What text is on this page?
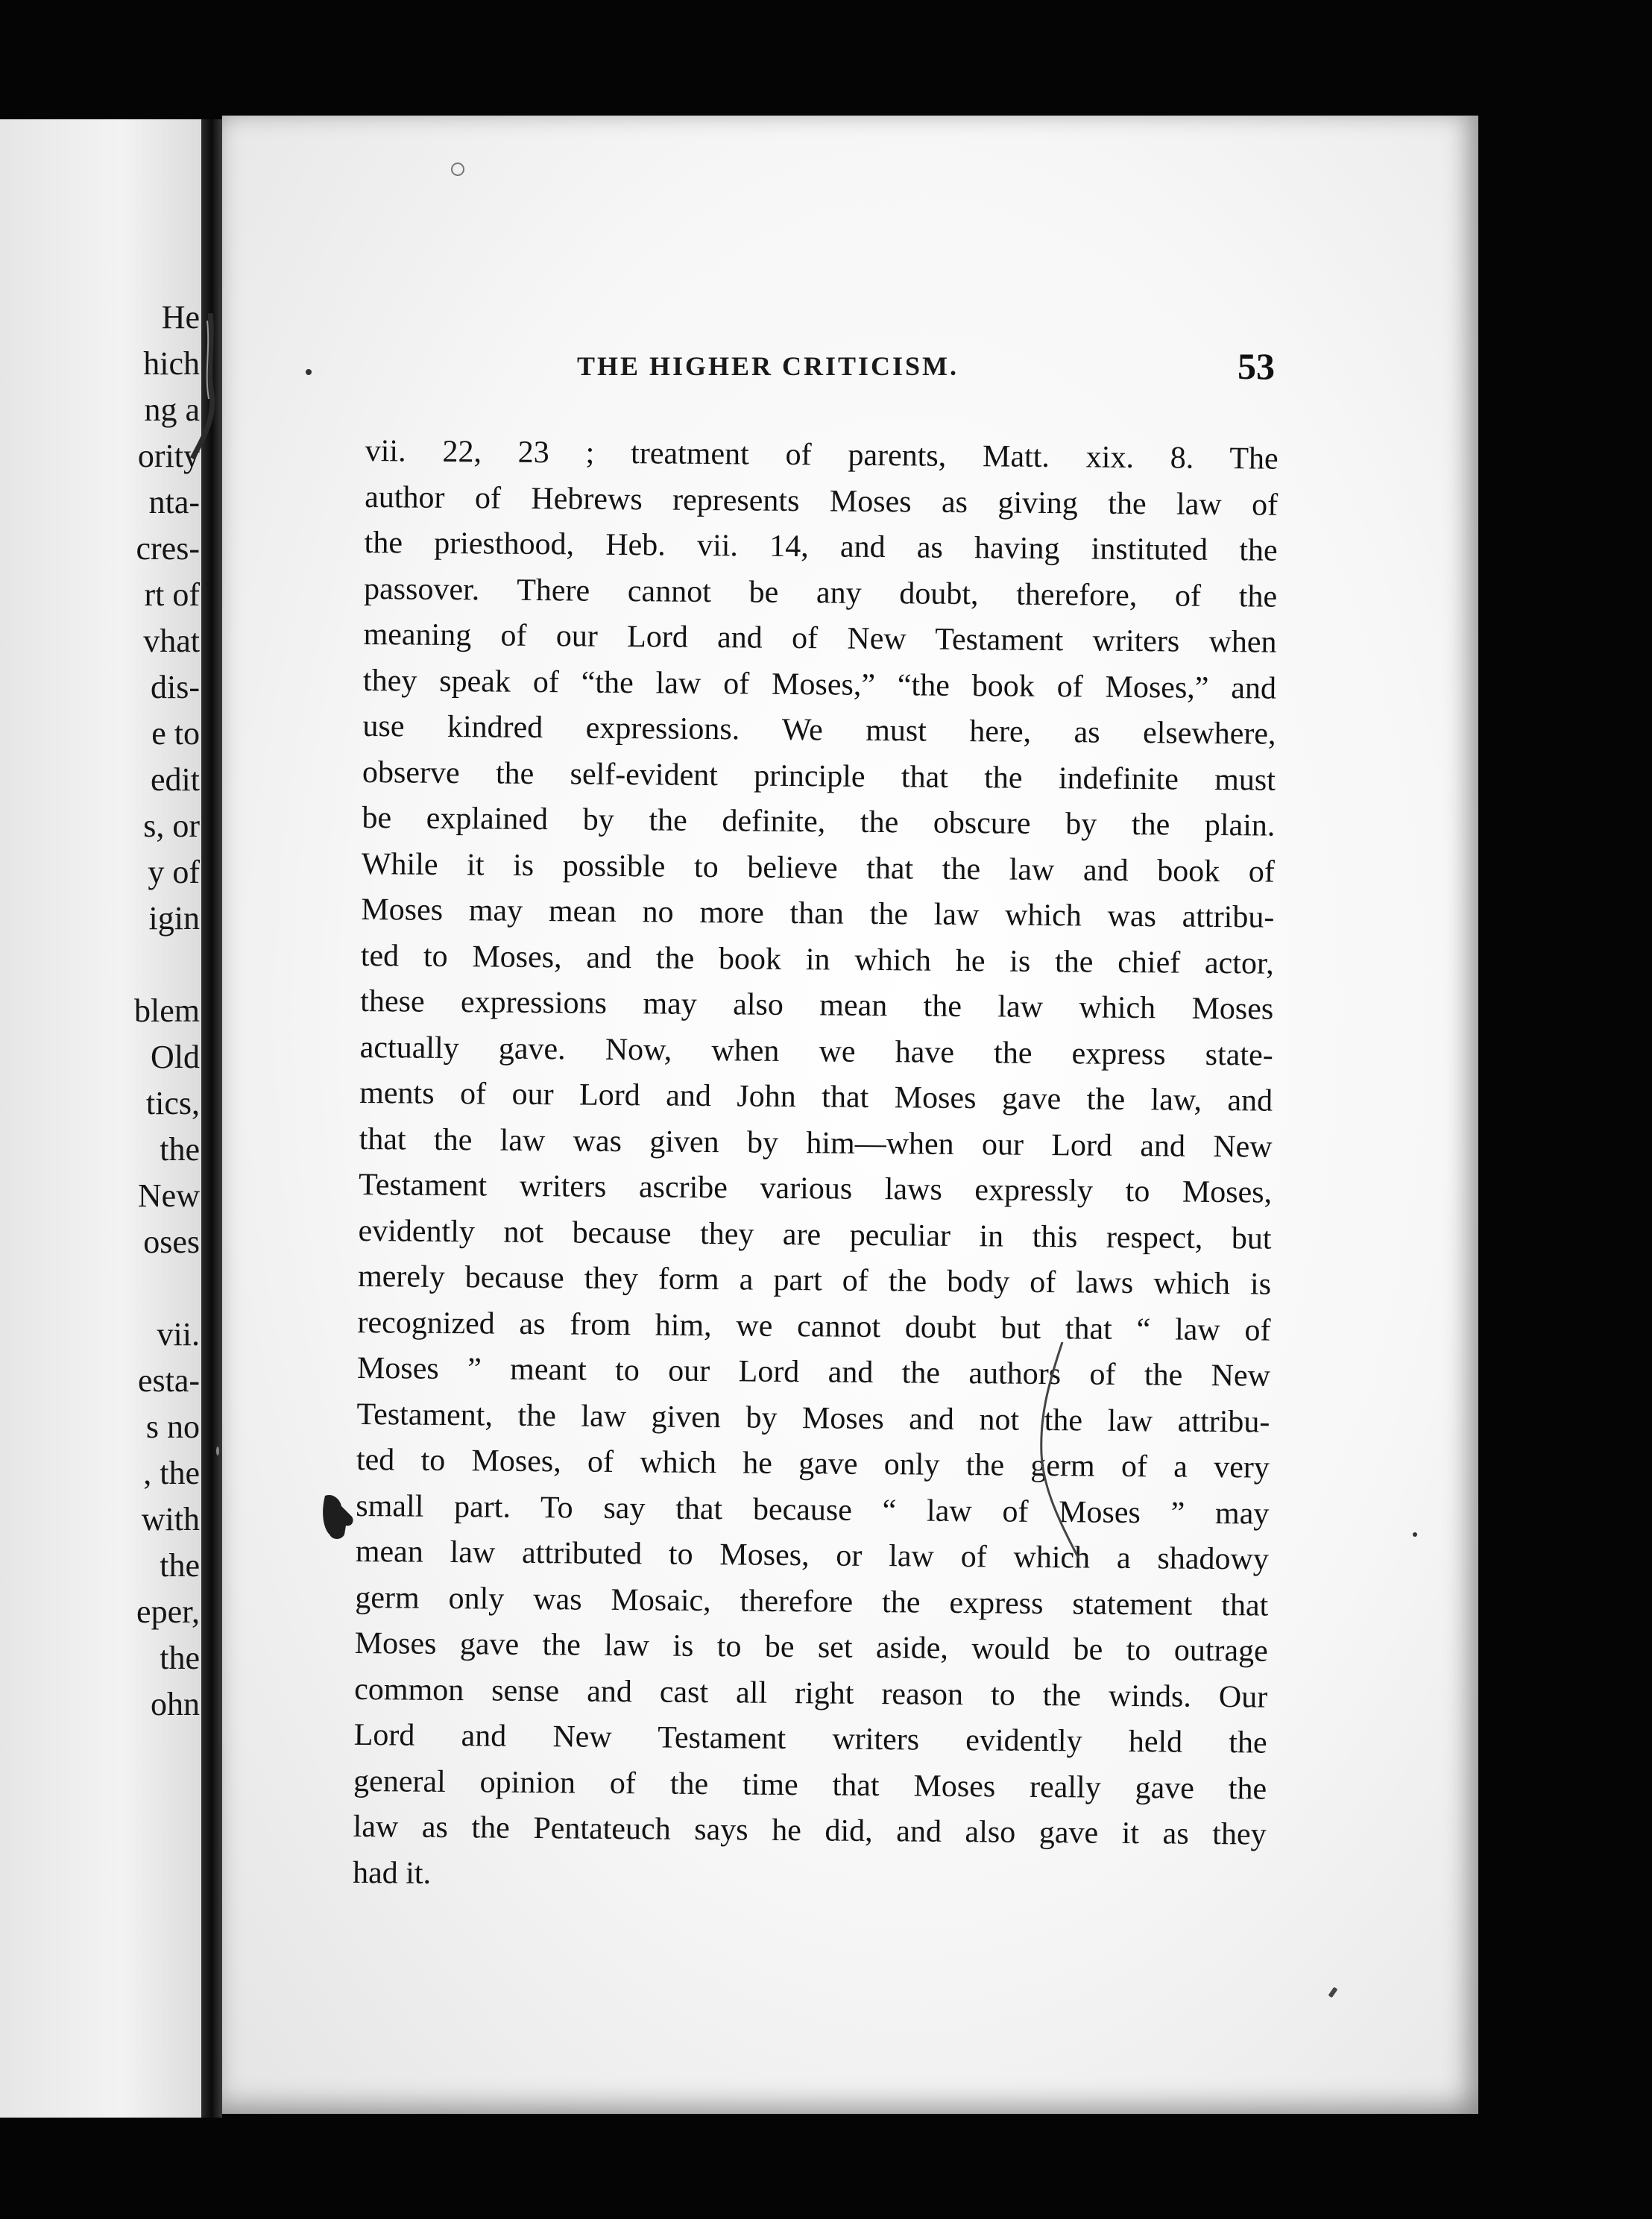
He
hich
ng a
ority
nta-
cres-
rt of
vhat
dis-
e to
edit
s, or
y of
igin
blem
Old
tics,
the
New
oses
vii.
esta-
s no
, the
with
the
eper,
the
ohn
THE HIGHER CRITICISM.	53
vii. 22, 23 ; treatment of parents, Matt. xix. 8. The
author of Hebrews represents Moses as giving the law of
the priesthood, Heb. vii. 14, and as having instituted the
passover. There cannot be any doubt, therefore, of the
meaning of our Lord and of New Testament writers when
they speak of “the law of Moses,” “the book of Moses,” and
use kindred expressions. We must here, as elsewhere,
observe the self-evident principle that the indefinite must
be explained by the definite, the obscure by the plain.
While it is possible to believe that the law and book of
Moses may mean no more than the law which was attribu-
ted to Moses, and the book in which he is the chief actor,
these expressions may also mean the law which Moses
actually gave. Now, when we have the express state-
ments of our Lord and John that Moses gave the law, and
that the law was given by him—when our Lord and New
Testament writers ascribe various laws expressly to Moses,
evidently not because they are peculiar in this respect, but
merely because they form a part of the body of laws which is
recognized as from him, we cannot doubt but that “ law of
Moses ” meant to our Lord and the authors of the New
Testament, the law given by Moses and not the law attribu-
ted to Moses, of which he gave only the germ of a very
small part. To say that because “ law of Moses ” may
mean law attributed to Moses, or law of which a shadowy
germ only was Mosaic, therefore the express statement that
Moses gave the law is to be set aside, would be to outrage
common sense and cast all right reason to the winds. Our
Lord and New Testament writers evidently held the
general opinion of the time that Moses really gave the
law as the Pentateuch says he did, and also gave it as they
had it.
